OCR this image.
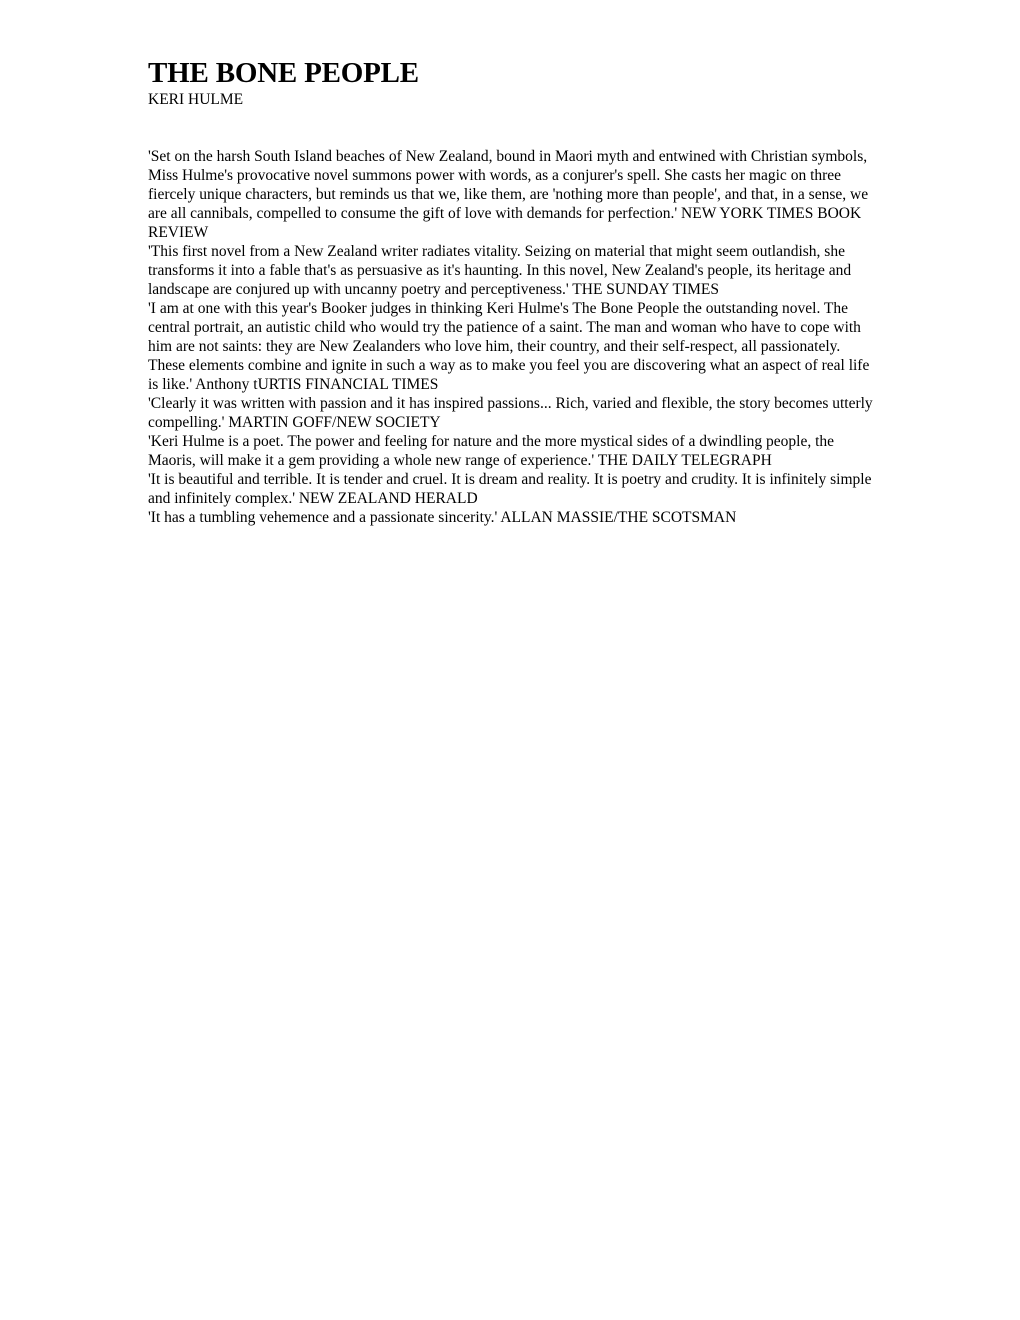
THE BONE PEOPLE

KERI HULME

'Set on the harsh South Island beaches of New Zealand, bound in Maori myth and entwined with Christian symbols, Miss Hulme's provocative novel summons power with words, as a conjurer's spell. She casts her magic on three fiercely unique characters, but reminds us that we, like them, are 'nothing more than people', and that, in a sense, we are all cannibals, compelled to consume the gift of love with demands for perfection.' NEW YORK TIMES BOOK REVIEW

'This first novel from a New Zealand writer radiates vitality. Seizing on material that might seem outlandish, she transforms it into a fable that's as persuasive as it's haunting. In this novel, New Zealand's people, its heritage and landscape are conjured up with uncanny poetry and perceptiveness.' THE SUNDAY TIMES

'I am at one with this year's Booker judges in thinking Keri Hulme's The Bone People the outstanding novel. The central portrait, an autistic child who would try the patience of a saint. The man and woman who have to cope with him are not saints: they are New Zealanders who love him, their country, and their self-respect, all passionately. These elements combine and ignite in such a way as to make you feel you are discovering what an aspect of real life is like.' Anthony tURTIS FINANCIAL TIMES

'Clearly it was written with passion and it has inspired passions... Rich, varied and flexible, the story becomes utterly compelling.' MARTIN GOFF/NEW SOCIETY

'Keri Hulme is a poet. The power and feeling for nature and the more mystical sides of a dwindling people, the Maoris, will make it a gem providing a whole new range of experience.' THE DAILY TELEGRAPH

'It is beautiful and terrible. It is tender and cruel. It is dream and reality. It is poetry and crudity. It is infinitely simple and infinitely complex.' NEW ZEALAND HERALD

'It has a tumbling vehemence and a passionate sincerity.' ALLAN MASSIE/THE SCOTSMAN
